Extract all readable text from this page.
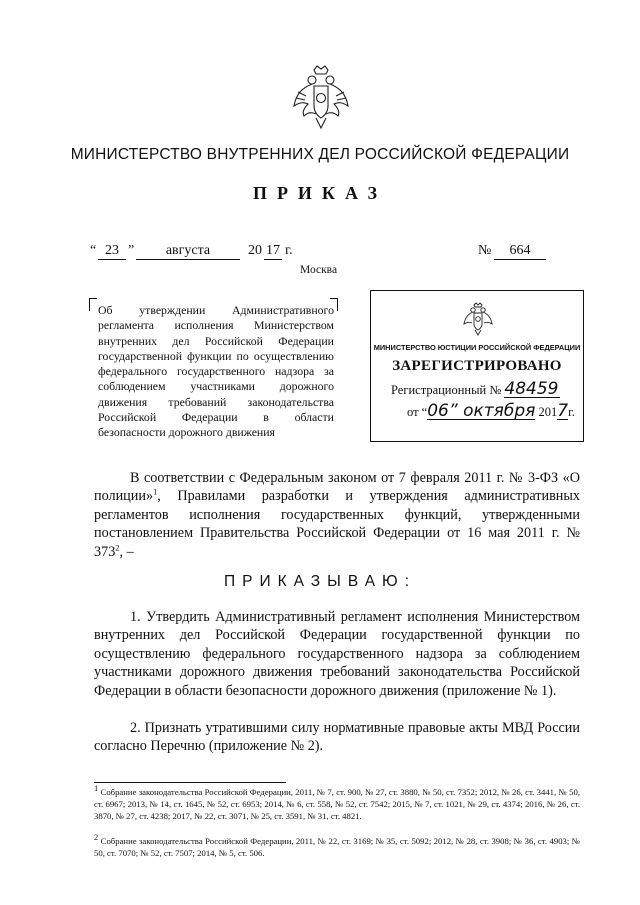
МИНИСТЕРСТВО ВНУТРЕННИХ ДЕЛ РОССИЙСКОЙ ФЕДЕРАЦИИ
ПРИКАЗ
“ 23 ”	августа	20 17 г.	№	664
Москва
Об утверждении Административного регламента исполнения Министерством внутренних дел Российской Федерации государственной функции по осуществлению федерального государственного надзора за соблюдением участниками дорожного движения требований законодательства Российской Федерации в области безопасности дорожного движения
МИНИСТЕРСТВО ЮСТИЦИИ РОССИЙСКОЙ ФЕДЕРАЦИИ
ЗАРЕГИСТРИРОВАНО
Регистрационный № 48459
от “06” октября 2017г.
В соответствии с Федеральным законом от 7 февраля 2011 г. № 3-ФЗ «О полиции»$^1$, Правилами разработки и утверждения административных регламентов исполнения государственных функций, утвержденными постановлением Правительства Российской Федерации от 16 мая 2011 г. № $373^2$, –
ПРИКАЗЫВАЮ:
1. Утвердить Административный регламент исполнения Министерством внутренних дел Российской Федерации государственной функции по осуществлению федерального государственного надзора за соблюдением участниками дорожного движения требований законодательства Российской Федерации в области безопасности дорожного движения (приложение № 1).
2. Признать утратившими силу нормативные правовые акты МВД России согласно Перечню (приложение № 2).
$^1$ Собрание законодательства Российской Федерации, 2011, № 7, ст. 900, № 27, ст. 3880, № 50, ст. 7352; 2012, № 26, ст. 3441, № 50, ст. 6967; 2013, № 14, ст. 1645, № 52, ст. 6953; 2014, № 6, ст. 558, № 52, ст. 7542; 2015, № 7, ст. 1021, № 29, ст. 4374; 2016, № 26, ст. 3870, № 27, ст. 4238; 2017, № 22, ст. 3071, № 25, ст. 3591, № 31, ст. 4821.
$^2$ Собрание законодательства Российской Федерации, 2011, № 22, ст. 3169; № 35, ст. 5092; 2012, № 28, ст. 3908; № 36, ст. 4903; № 50, ст. 7070; № 52, ст. 7507; 2014, № 5, ст. 506.
